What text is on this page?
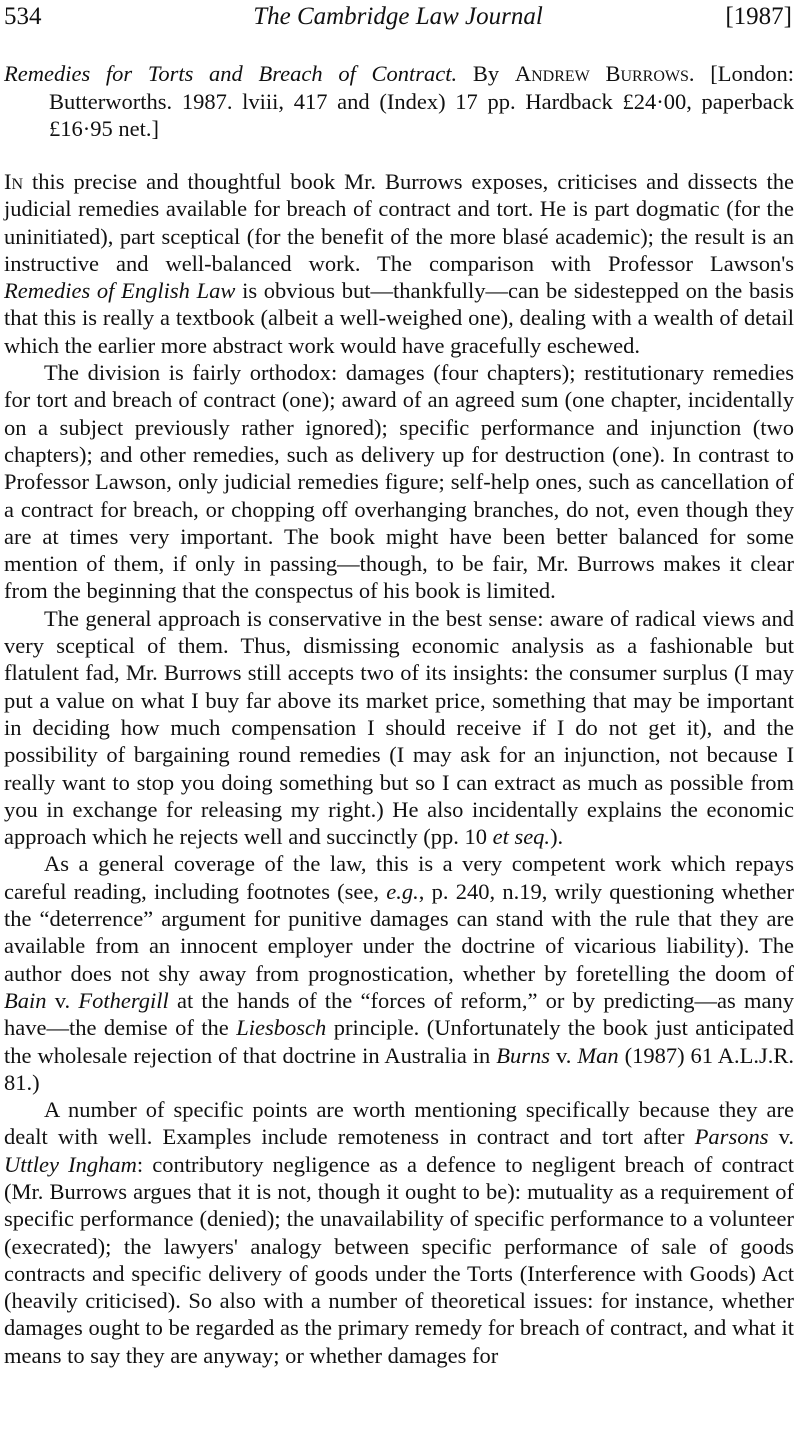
534	The Cambridge Law Journal	[1987]
Remedies for Torts and Breach of Contract. By Andrew Burrows. [London: Butterworths. 1987. lviii, 417 and (Index) 17 pp. Hardback £24·00, paperback £16·95 net.]

In this precise and thoughtful book Mr. Burrows exposes, criticises and dissects the judicial remedies available for breach of contract and tort. He is part dogmatic (for the uninitiated), part sceptical (for the benefit of the more blasé academic); the result is an instructive and well-balanced work. The comparison with Professor Lawson's Remedies of English Law is obvious but—thankfully—can be sidestepped on the basis that this is really a textbook (albeit a well-weighed one), dealing with a wealth of detail which the earlier more abstract work would have gracefully eschewed.

The division is fairly orthodox: damages (four chapters); restitutionary remedies for tort and breach of contract (one); award of an agreed sum (one chapter, incidentally on a subject previously rather ignored); specific performance and injunction (two chapters); and other remedies, such as delivery up for destruction (one). In contrast to Professor Lawson, only judicial remedies figure; self-help ones, such as cancellation of a contract for breach, or chopping off overhanging branches, do not, even though they are at times very important. The book might have been better balanced for some mention of them, if only in passing—though, to be fair, Mr. Burrows makes it clear from the beginning that the conspectus of his book is limited.

The general approach is conservative in the best sense: aware of radical views and very sceptical of them. Thus, dismissing economic analysis as a fashionable but flatulent fad, Mr. Burrows still accepts two of its insights: the consumer surplus (I may put a value on what I buy far above its market price, something that may be important in deciding how much compensation I should receive if I do not get it), and the possibility of bargaining round remedies (I may ask for an injunction, not because I really want to stop you doing something but so I can extract as much as possible from you in exchange for releasing my right.) He also incidentally explains the economic approach which he rejects well and succinctly (pp. 10 et seq.).

As a general coverage of the law, this is a very competent work which repays careful reading, including footnotes (see, e.g., p. 240, n.19, wrily questioning whether the “deterrence” argument for punitive damages can stand with the rule that they are available from an innocent employer under the doctrine of vicarious liability). The author does not shy away from prognostication, whether by foretelling the doom of Bain v. Fothergill at the hands of the “forces of reform,” or by predicting—as many have—the demise of the Liesbosch principle. (Unfortunately the book just anticipated the wholesale rejection of that doctrine in Australia in Burns v. Man (1987) 61 A.L.J.R. 81.)

A number of specific points are worth mentioning specifically because they are dealt with well. Examples include remoteness in contract and tort after Parsons v. Uttley Ingham: contributory negligence as a defence to negligent breach of contract (Mr. Burrows argues that it is not, though it ought to be): mutuality as a requirement of specific performance (denied); the unavailability of specific performance to a volunteer (execrated); the lawyers' analogy between specific performance of sale of goods contracts and specific delivery of goods under the Torts (Interference with Goods) Act (heavily criticised). So also with a number of theoretical issues: for instance, whether damages ought to be regarded as the primary remedy for breach of contract, and what it means to say they are anyway; or whether damages for
